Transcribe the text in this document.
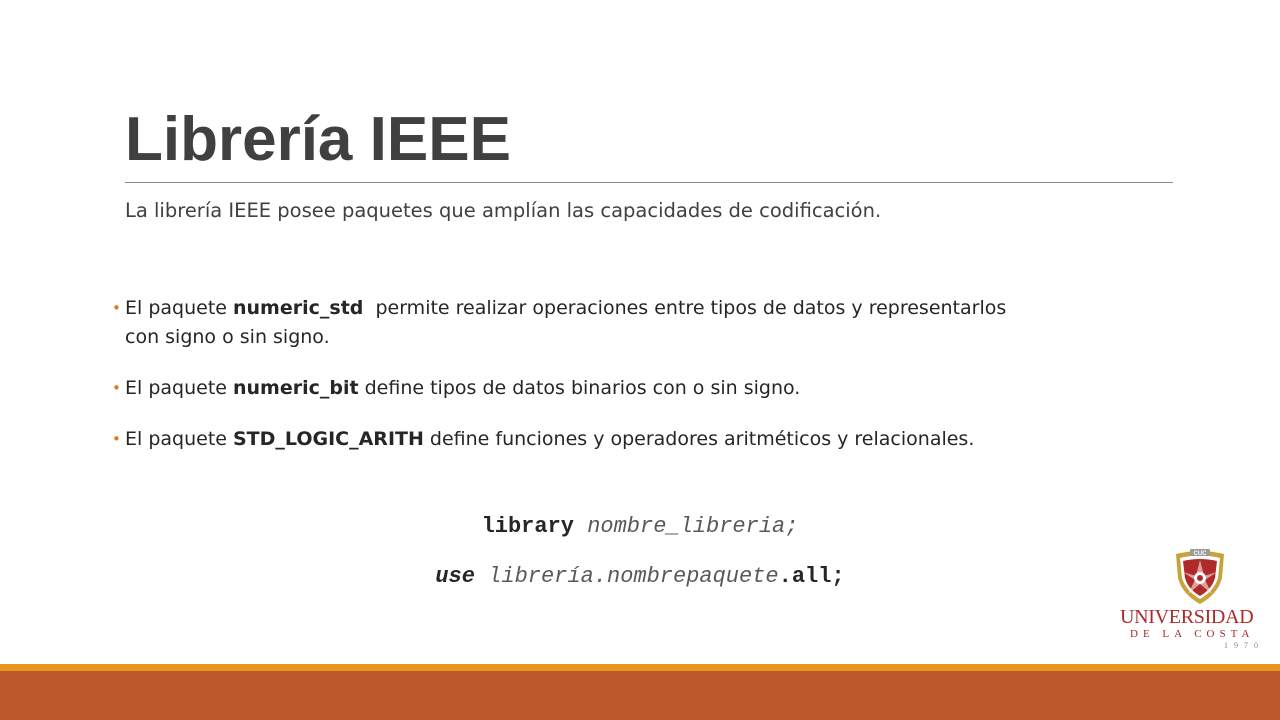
Librería IEEE

La librería IEEE posee paquetes que amplían las capacidades de codificación.

• El paquete numeric_std  permite realizar operaciones entre tipos de datos y representarlos
con signo o sin signo.
• El paquete numeric_bit define tipos de datos binarios con o sin signo.
• El paquete STD_LOGIC_ARITH define funciones y operadores aritméticos y relacionales.

library nombre_libreria;

use librería.nombrepaquete.all;

CUC
UNIVERSIDAD
DE LA COSTA
1970
